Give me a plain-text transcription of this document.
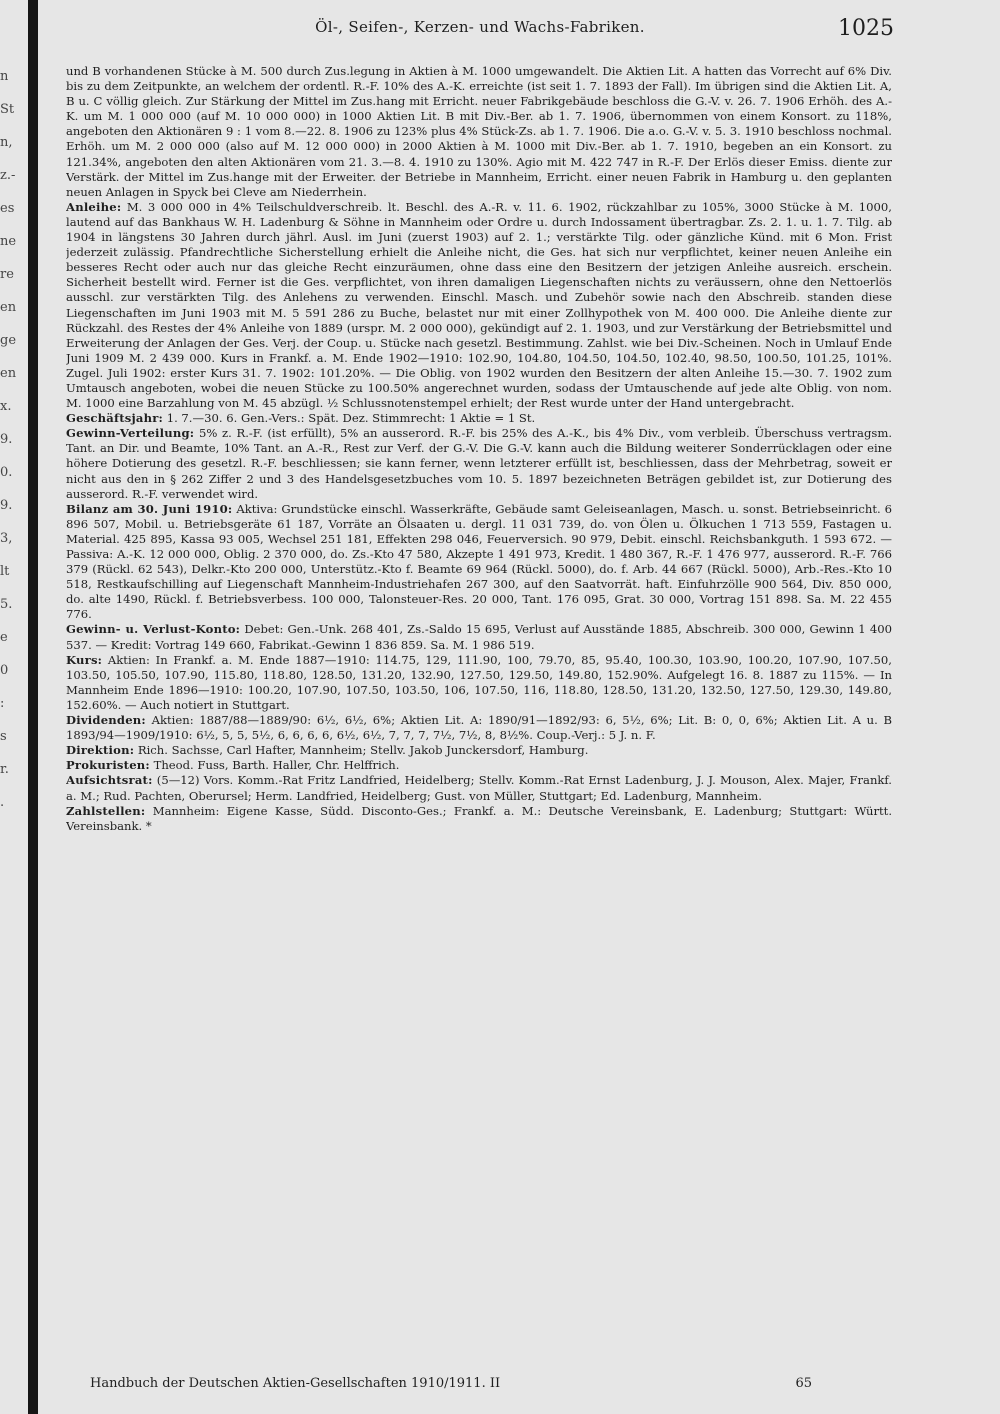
n
St
n,
z.-
es
ne
re
en
ge
en
x.
9.
0.
9.
3,
lt
5.
e
0
:
s
r.
.
Öl-, Seifen-, Kerzen- und Wachs-Fabriken.	1025

und B vorhandenen Stücke à M. 500 durch Zus.legung in Aktien à M. 1000 umgewandelt. Die Aktien Lit. A hatten das Vorrecht auf 6% Div. bis zu dem Zeitpunkte, an welchem der ordentl. R.-F. 10% des A.-K. erreichte (ist seit 1. 7. 1893 der Fall). Im übrigen sind die Aktien Lit. A, B u. C völlig gleich. Zur Stärkung der Mittel im Zus.hang mit Erricht. neuer Fabrikgebäude beschloss die G.-V. v. 26. 7. 1906 Erhöh. des A.-K. um M. 1 000 000 (auf M. 10 000 000) in 1000 Aktien Lit. B mit Div.-Ber. ab 1. 7. 1906, übernommen von einem Konsort. zu 118%, angeboten den Aktionären 9 : 1 vom 8.—22. 8. 1906 zu 123% plus 4% Stück-Zs. ab 1. 7. 1906. Die a.o. G.-V. v. 5. 3. 1910 beschloss nochmal. Erhöh. um M. 2 000 000 (also auf M. 12 000 000) in 2000 Aktien à M. 1000 mit Div.-Ber. ab 1. 7. 1910, begeben an ein Konsort. zu 121.34%, angeboten den alten Aktionären vom 21. 3.—8. 4. 1910 zu 130%. Agio mit M. 422 747 in R.-F. Der Erlös dieser Emiss. diente zur Verstärk. der Mittel im Zus.hange mit der Erweiter. der Betriebe in Mannheim, Erricht. einer neuen Fabrik in Hamburg u. den geplanten neuen Anlagen in Spyck bei Cleve am Niederrhein.

Anleihe: M. 3 000 000 in 4% Teilschuldverschreib. lt. Beschl. des A.-R. v. 11. 6. 1902, rückzahlbar zu 105%, 3000 Stücke à M. 1000, lautend auf das Bankhaus W. H. Ladenburg & Söhne in Mannheim oder Ordre u. durch Indossament übertragbar. Zs. 2. 1. u. 1. 7. Tilg. ab 1904 in längstens 30 Jahren durch jährl. Ausl. im Juni (zuerst 1903) auf 2. 1.; verstärkte Tilg. oder gänzliche Künd. mit 6 Mon. Frist jederzeit zulässig. Pfandrechtliche Sicherstellung erhielt die Anleihe nicht, die Ges. hat sich nur verpflichtet, keiner neuen Anleihe ein besseres Recht oder auch nur das gleiche Recht einzuräumen, ohne dass eine den Besitzern der jetzigen Anleihe ausreich. erschein. Sicherheit bestellt wird. Ferner ist die Ges. verpflichtet, von ihren damaligen Liegenschaften nichts zu veräussern, ohne den Nettoerlös ausschl. zur verstärkten Tilg. des Anlehens zu verwenden. Einschl. Masch. und Zubehör sowie nach den Abschreib. standen diese Liegenschaften im Juni 1903 mit M. 5 591 286 zu Buche, belastet nur mit einer Zollhypothek von M. 400 000. Die Anleihe diente zur Rückzahl. des Restes der 4% Anleihe von 1889 (urspr. M. 2 000 000), gekündigt auf 2. 1. 1903, und zur Verstärkung der Betriebsmittel und Erweiterung der Anlagen der Ges. Verj. der Coup. u. Stücke nach gesetzl. Bestimmung. Zahlst. wie bei Div.-Scheinen. Noch in Umlauf Ende Juni 1909 M. 2 439 000. Kurs in Frankf. a. M. Ende 1902—1910: 102.90, 104.80, 104.50, 104.50, 102.40, 98.50, 100.50, 101.25, 101%. Zugel. Juli 1902: erster Kurs 31. 7. 1902: 101.20%. — Die Oblig. von 1902 wurden den Besitzern der alten Anleihe 15.—30. 7. 1902 zum Umtausch angeboten, wobei die neuen Stücke zu 100.50% angerechnet wurden, sodass der Umtauschende auf jede alte Oblig. von nom. M. 1000 eine Barzahlung von M. 45 abzügl. ½ Schlussnotenstempel erhielt; der Rest wurde unter der Hand untergebracht.

Geschäftsjahr: 1. 7.—30. 6. Gen.-Vers.: Spät. Dez. Stimmrecht: 1 Aktie = 1 St.

Gewinn-Verteilung: 5% z. R.-F. (ist erfüllt), 5% an ausserord. R.-F. bis 25% des A.-K., bis 4% Div., vom verbleib. Überschuss vertragsm. Tant. an Dir. und Beamte, 10% Tant. an A.-R., Rest zur Verf. der G.-V. Die G.-V. kann auch die Bildung weiterer Sonderrücklagen oder eine höhere Dotierung des gesetzl. R.-F. beschliessen; sie kann ferner, wenn letzterer erfüllt ist, beschliessen, dass der Mehrbetrag, soweit er nicht aus den in § 262 Ziffer 2 und 3 des Handelsgesetzbuches vom 10. 5. 1897 bezeichneten Beträgen gebildet ist, zur Dotierung des ausserord. R.-F. verwendet wird.

Bilanz am 30. Juni 1910: Aktiva: Grundstücke einschl. Wasserkräfte, Gebäude samt Geleiseanlagen, Masch. u. sonst. Betriebseinricht. 6 896 507, Mobil. u. Betriebsgeräte 61 187, Vorräte an Ölsaaten u. dergl. 11 031 739, do. von Ölen u. Ölkuchen 1 713 559, Fastagen u. Material. 425 895, Kassa 93 005, Wechsel 251 181, Effekten 298 046, Feuerversich. 90 979, Debit. einschl. Reichsbankguth. 1 593 672. — Passiva: A.-K. 12 000 000, Oblig. 2 370 000, do. Zs.-Kto 47 580, Akzepte 1 491 973, Kredit. 1 480 367, R.-F. 1 476 977, ausserord. R.-F. 766 379 (Rückl. 62 543), Delkr.-Kto 200 000, Unterstütz.-Kto f. Beamte 69 964 (Rückl. 5000), do. f. Arb. 44 667 (Rückl. 5000), Arb.-Res.-Kto 10 518, Restkaufschilling auf Liegenschaft Mannheim-Industriehafen 267 300, auf den Saatvorrät. haft. Einfuhrzölle 900 564, Div. 850 000, do. alte 1490, Rückl. f. Betriebsverbess. 100 000, Talonsteuer-Res. 20 000, Tant. 176 095, Grat. 30 000, Vortrag 151 898. Sa. M. 22 455 776.

Gewinn- u. Verlust-Konto: Debet: Gen.-Unk. 268 401, Zs.-Saldo 15 695, Verlust auf Ausstände 1885, Abschreib. 300 000, Gewinn 1 400 537. — Kredit: Vortrag 149 660, Fabrikat.-Gewinn 1 836 859. Sa. M. 1 986 519.

Kurs: Aktien: In Frankf. a. M. Ende 1887—1910: 114.75, 129, 111.90, 100, 79.70, 85, 95.40, 100.30, 103.90, 100.20, 107.90, 107.50, 103.50, 105.50, 107.90, 115.80, 118.80, 128.50, 131.20, 132.90, 127.50, 129.50, 149.80, 152.90%. Aufgelegt 16. 8. 1887 zu 115%. — In Mannheim Ende 1896—1910: 100.20, 107.90, 107.50, 103.50, 106, 107.50, 116, 118.80, 128.50, 131.20, 132.50, 127.50, 129.30, 149.80, 152.60%. — Auch notiert in Stuttgart.

Dividenden: Aktien: 1887/88—1889/90: 6½, 6½, 6%; Aktien Lit. A: 1890/91—1892/93: 6, 5½, 6%; Lit. B: 0, 0, 6%; Aktien Lit. A u. B 1893/94—1909/1910: 6½, 5, 5, 5½, 6, 6, 6, 6, 6½, 6½, 7, 7, 7, 7½, 7½, 8, 8½%. Coup.-Verj.: 5 J. n. F.

Direktion: Rich. Sachsse, Carl Hafter, Mannheim; Stellv. Jakob Junckersdorf, Hamburg.

Prokuristen: Theod. Fuss, Barth. Haller, Chr. Helffrich.

Aufsichtsrat: (5—12) Vors. Komm.-Rat Fritz Landfried, Heidelberg; Stellv. Komm.-Rat Ernst Ladenburg, J. J. Mouson, Alex. Majer, Frankf. a. M.; Rud. Pachten, Oberursel; Herm. Landfried, Heidelberg; Gust. von Müller, Stuttgart; Ed. Ladenburg, Mannheim.

Zahlstellen: Mannheim: Eigene Kasse, Südd. Disconto-Ges.; Frankf. a. M.: Deutsche Vereinsbank, E. Ladenburg; Stuttgart: Württ. Vereinsbank. *

Handbuch der Deutschen Aktien-Gesellschaften 1910/1911. II	65
